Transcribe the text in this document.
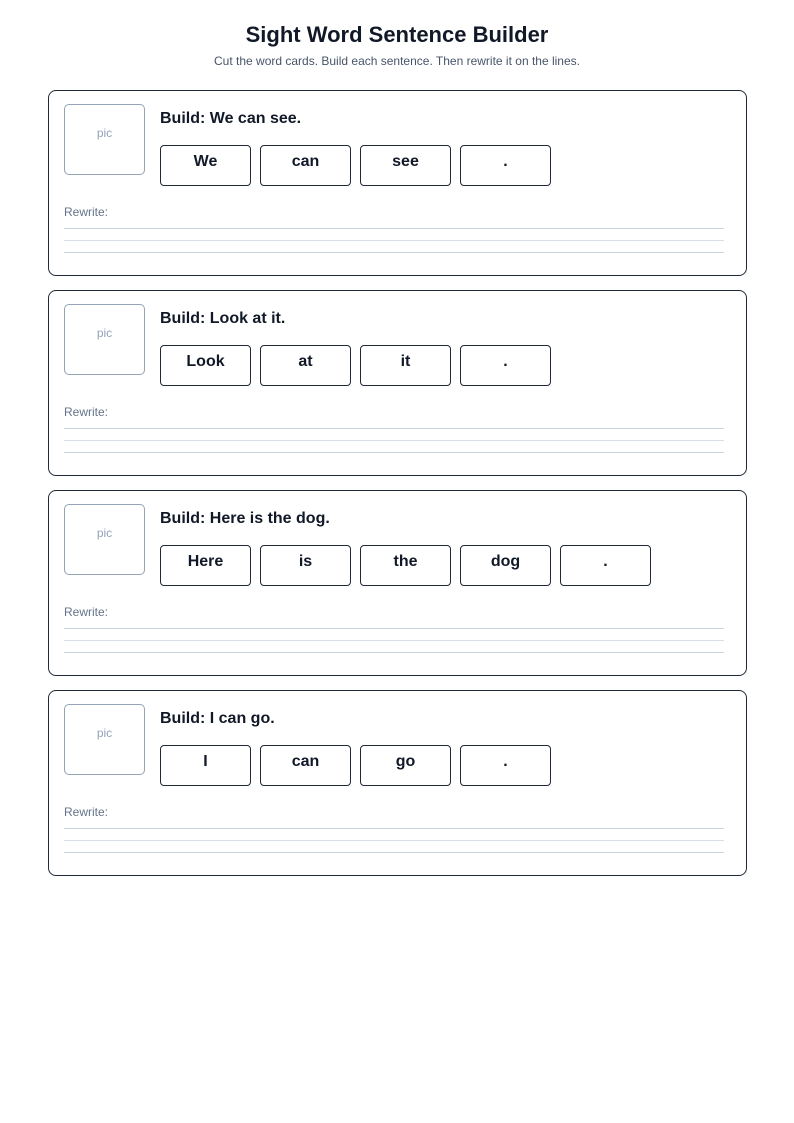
Sight Word Sentence Builder
Cut the word cards. Build each sentence. Then rewrite it on the lines.
pic
Build: We can see.
We	can	see	.
Rewrite:
pic
Build: Look at it.
Look	at	it	.
Rewrite:
pic
Build: Here is the dog.
Here	is	the	dog	.
Rewrite:
pic
Build: I can go.
I	can	go	.
Rewrite:
